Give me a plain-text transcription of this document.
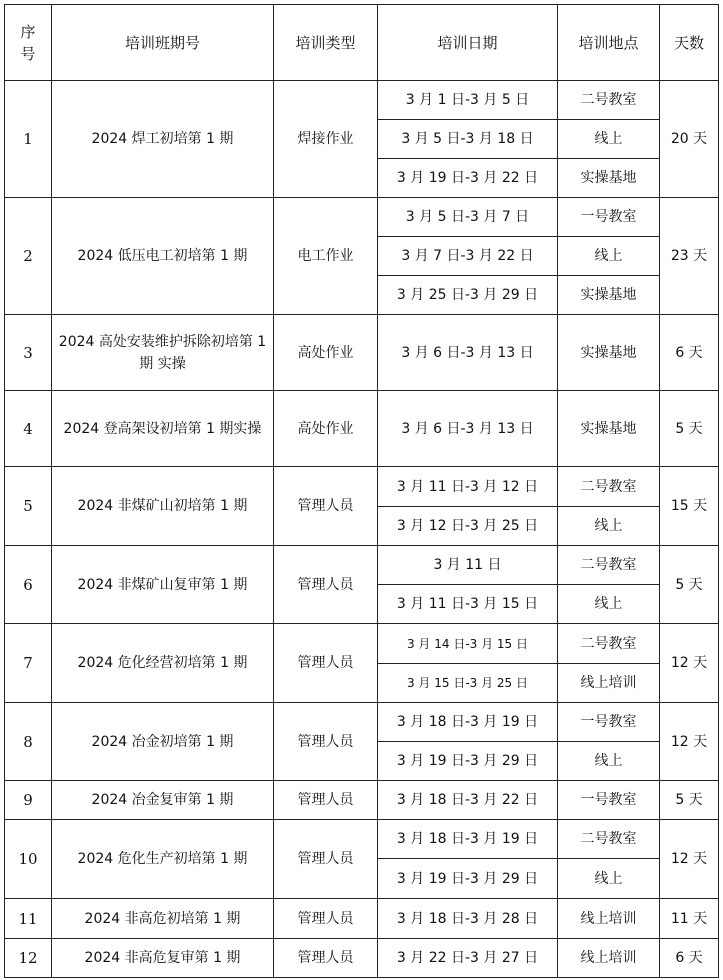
序号	培训班期号	培训类型	培训日期	培训地点	天数
1	2024 焊工初培第 1 期	焊接作业	3 月 1 日-3 月 5 日	二号教室	20 天
			3 月 5 日-3 月 18 日	线上	
			3 月 19 日-3 月 22 日	实操基地	
2	2024 低压电工初培第 1 期	电工作业	3 月 5 日-3 月 7 日	一号教室	23 天
			3 月 7 日-3 月 22 日	线上	
			3 月 25 日-3 月 29 日	实操基地	
3	2024 高处安装维护拆除初培第 1 期 实操	高处作业	3 月 6 日-3 月 13 日	实操基地	6 天
4	2024 登高架设初培第 1 期实操	高处作业	3 月 6 日-3 月 13 日	实操基地	5 天
5	2024 非煤矿山初培第 1 期	管理人员	3 月 11 日-3 月 12 日	二号教室	15 天
			3 月 12 日-3 月 25 日	线上	
6	2024 非煤矿山复审第 1 期	管理人员	3 月 11 日	二号教室	5 天
			3 月 11 日-3 月 15 日	线上	
7	2024 危化经营初培第 1 期	管理人员	3 月 14 日-3 月 15 日	二号教室	12 天
			3 月 15 日-3 月 25 日	线上培训	
8	2024 冶金初培第 1 期	管理人员	3 月 18 日-3 月 19 日	一号教室	12 天
			3 月 19 日-3 月 29 日	线上	
9	2024 冶金复审第 1 期	管理人员	3 月 18 日-3 月 22 日	一号教室	5 天
10	2024 危化生产初培第 1 期	管理人员	3 月 18 日-3 月 19 日	二号教室	12 天
			3 月 19 日-3 月 29 日	线上	
11	2024 非高危初培第 1 期	管理人员	3 月 18 日-3 月 28 日	线上培训	11 天
12	2024 非高危复审第 1 期	管理人员	3 月 22 日-3 月 27 日	线上培训	6 天
